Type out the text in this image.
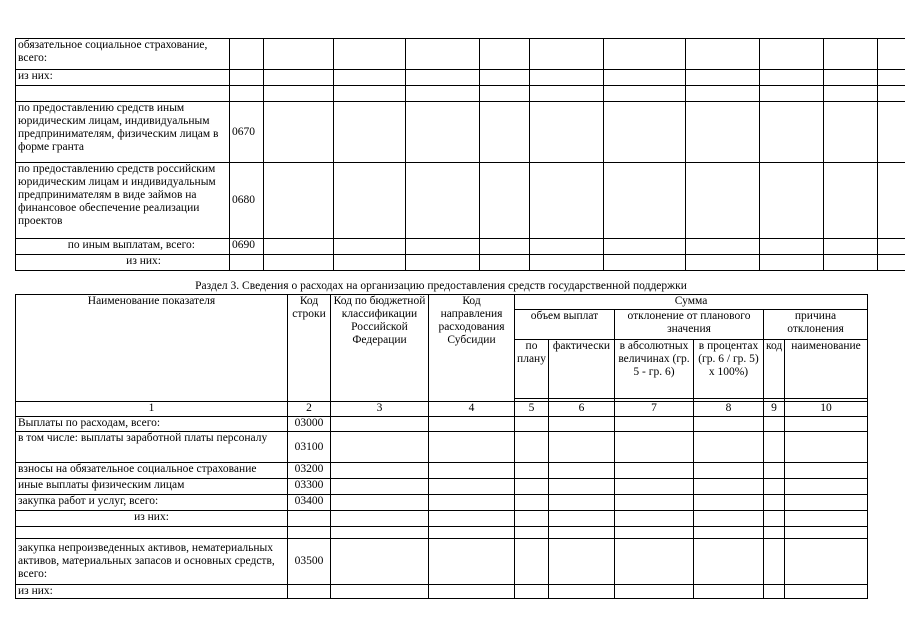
обязательное социальное страхование, всего:											
из них:											

по предоставлению средств иным юридическим лицам, индивидуальным предпринимателям, физическим лицам в форме гранта	0670										
по предоставлению средств российским юридическим лицам и индивидуальным предпринимателям в виде займов на финансовое обеспечение реализации проектов	0680										
по иным выплатам, всего:	0690										
из них:											
Раздел 3. Сведения о расходах на организацию предоставления средств государственной поддержки
Наименование показателя	Код строки	Код по бюджетной классификации Российской Федерации	Код направления расходования Субсидии	Сумма					
				объем выплат		отклонение от планового значения		причина отклонения	
				по плану	фактически	в абсолютных величинах (гр. 5 - гр. 6)	в процентах (гр. 6 / гр. 5) x 100%)	код	наименование

1	2	3	4	5	6	7	8	9	10
Выплаты по расходам, всего:	03000								
в том числе: выплаты заработной платы персоналу	03100								
взносы на обязательное социальное страхование	03200								
иные выплаты физическим лицам	03300								
закупка работ и услуг, всего:	03400								
из них:									

закупка непроизведенных активов, нематериальных активов, материальных запасов и основных средств, всего:	03500								
из них:									
